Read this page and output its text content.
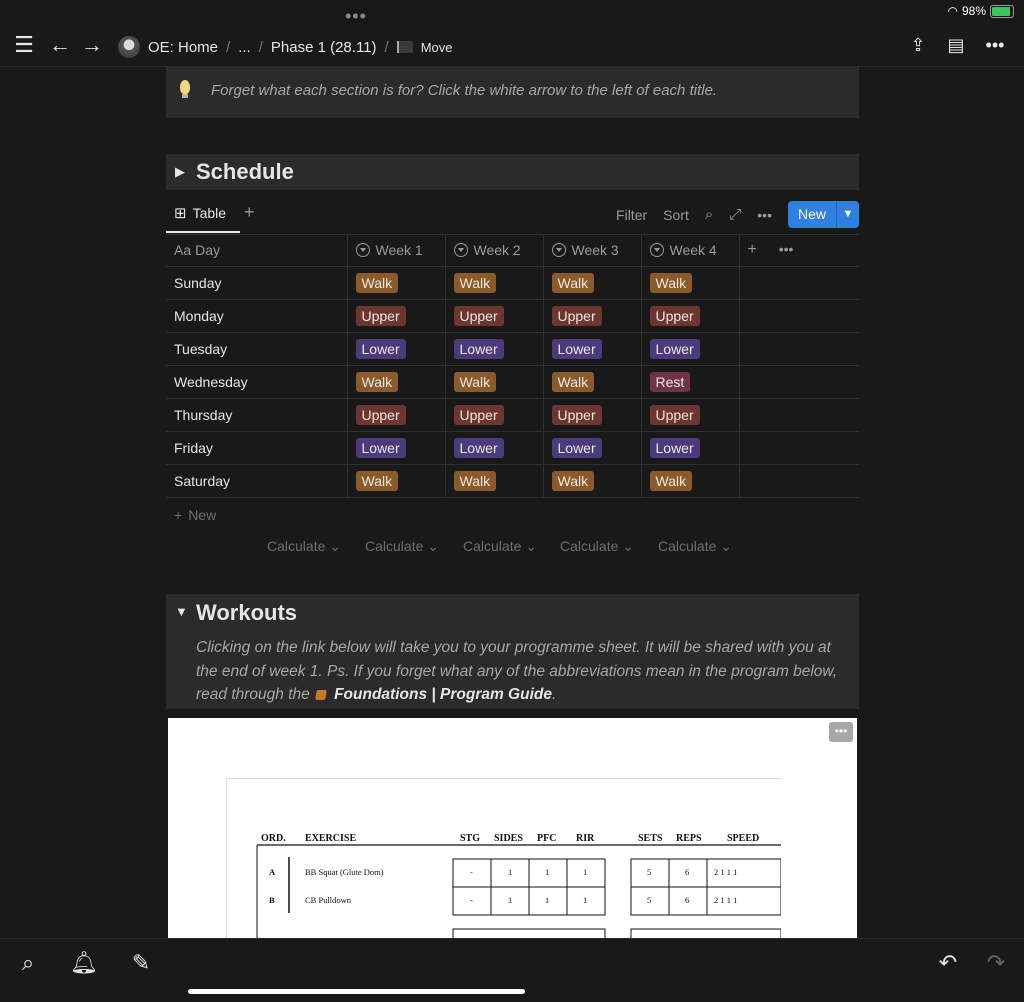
•••	◠ 98%
☰ ← →	⇪	▤	•••
OE: Home / ... / Phase 1 (28.11) / Move
Forget what each section is for? Click the white arrow to the left of each title.
▶ Schedule
⊞ Table +	Filter Sort ⌕ ⤢ •••	New	▼
Aa Day	Week 1	Week 2	Week 3	Week 4	+ •••
Sunday	Walk	Walk	Walk	Walk	
Monday	Upper	Upper	Upper	Upper	
Tuesday	Lower	Lower	Lower	Lower	
Wednesday	Walk	Walk	Walk	Rest	
Thursday	Upper	Upper	Upper	Upper	
Friday	Lower	Lower	Lower	Lower	
Saturday	Walk	Walk	Walk	Walk	
+ New
Calculate ⌄ Calculate ⌄ Calculate ⌄ Calculate ⌄ Calculate ⌄
▼ Workouts
Clicking on the link below will take you to your programme sheet. It will be shared with you at the end of week 1. Ps. If you forget what any of the abbreviations mean in the program below, read through the Foundations | Program Guide.
•••
ORD. EXERCISE	STG SIDES PFC RIR	SETS REPS	SPEED
A	BB Squat (Glute Dom)	-	1	1	1	5	6	2 1 1 1
B	CB Pulldown	-	1	1	1	5	6	2 1 1 1
⌕	🔔︎ ✎	↶ ↷
